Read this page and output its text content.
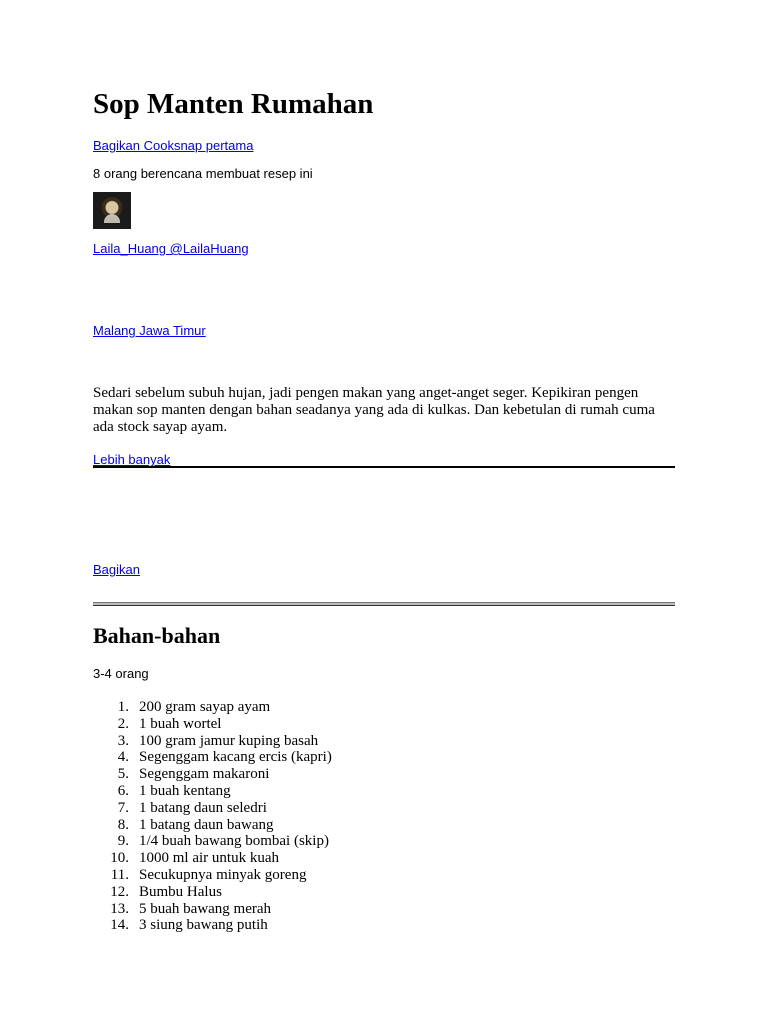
Sop Manten Rumahan
Bagikan Cooksnap pertama
8 orang berencana membuat resep ini
Laila_Huang @LailaHuang
Malang Jawa Timur

Sedari sebelum subuh hujan, jadi pengen makan yang anget-anget seger. Kepikiran pengen makan sop manten dengan bahan seadanya yang ada di kulkas. Dan kebetulan di rumah cuma ada stock sayap ayam.

Lebih banyak
Bagikan
Bahan-bahan
3-4 orang
1. 200 gram sayap ayam
2. 1 buah wortel
3. 100 gram jamur kuping basah
4. Segenggam kacang ercis (kapri)
5. Segenggam makaroni
6. 1 buah kentang
7. 1 batang daun seledri
8. 1 batang daun bawang
9. 1/4 buah bawang bombai (skip)
10. 1000 ml air untuk kuah
11. Secukupnya minyak goreng
12. Bumbu Halus
13. 5 buah bawang merah
14. 3 siung bawang putih
